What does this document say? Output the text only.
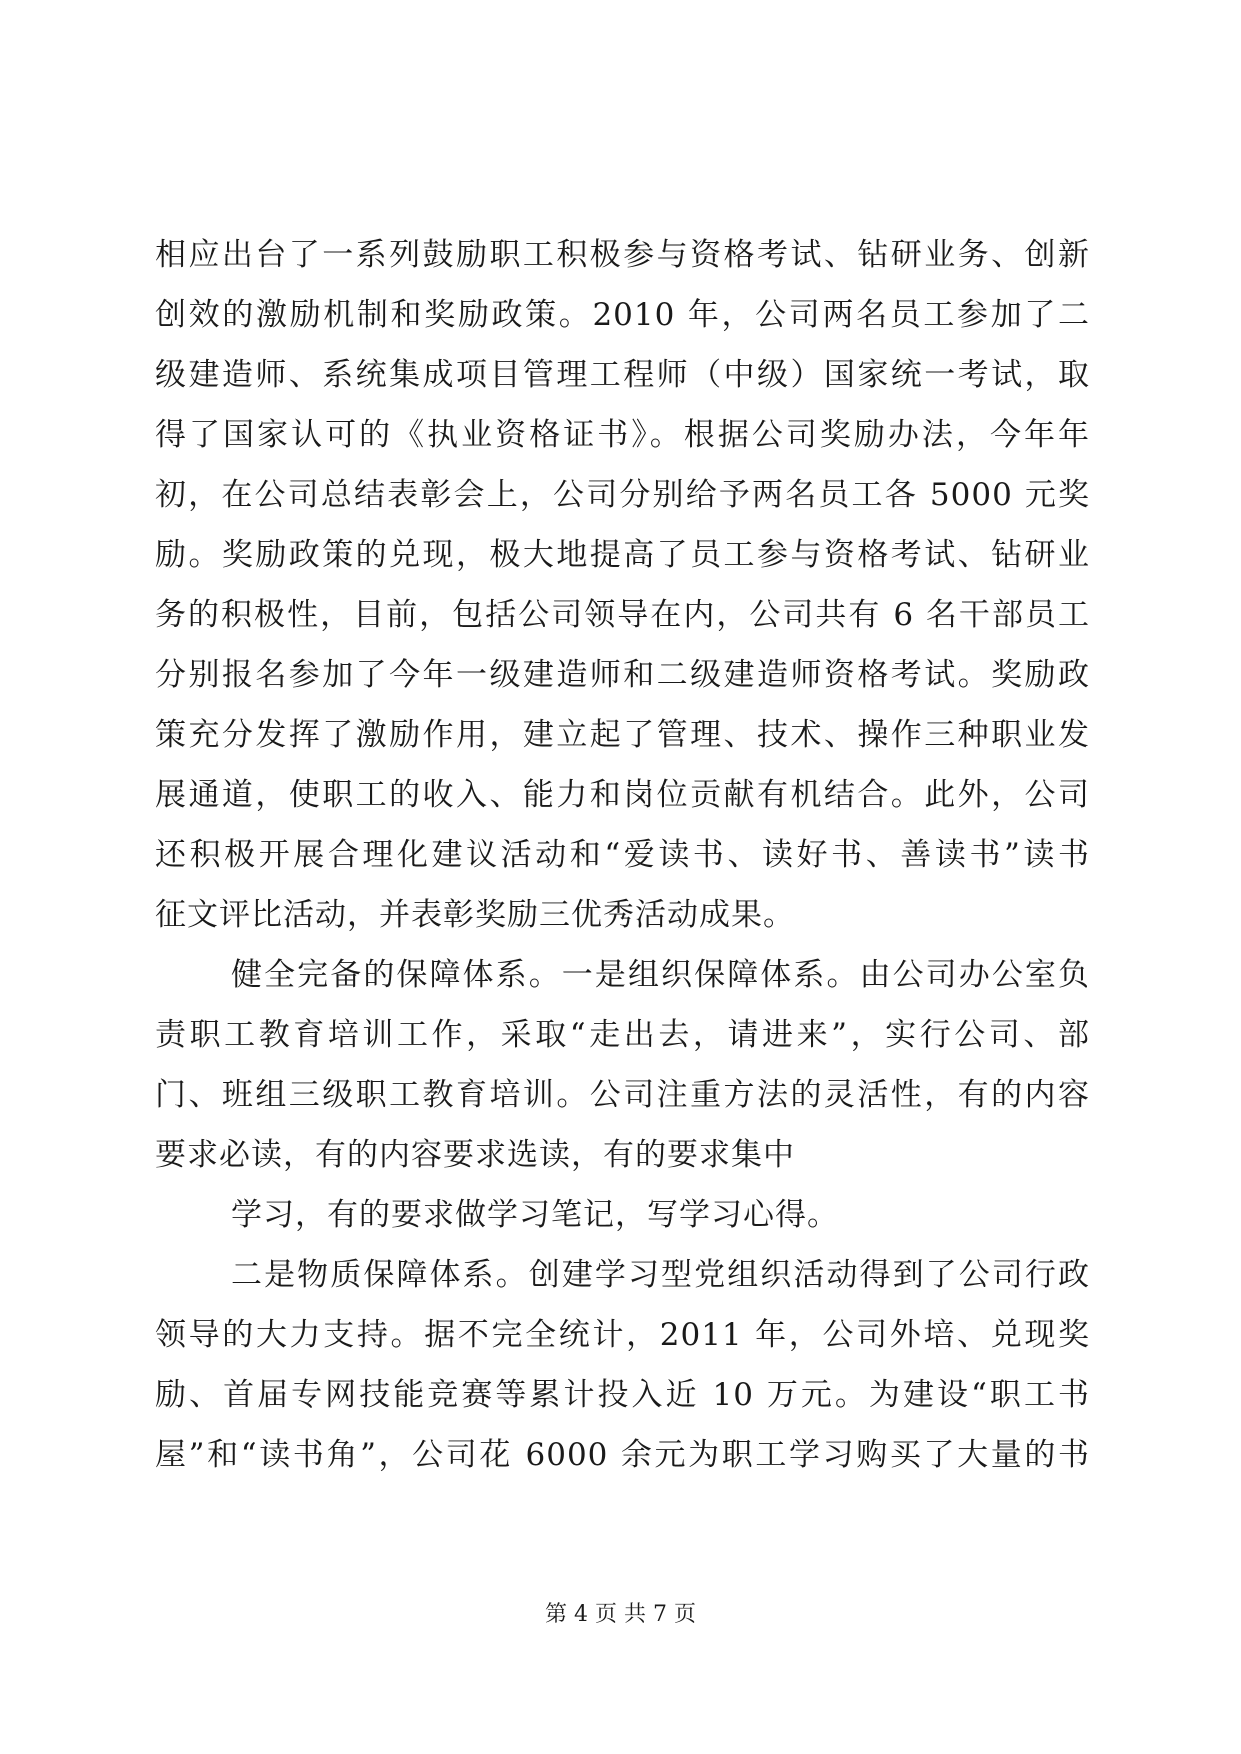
相应出台了一系列鼓励职工积极参与资格考试、钻研业务、创新
创效的激励机制和奖励政策。2010 年，公司两名员工参加了二
级建造师、系统集成项目管理工程师（中级）国家统一考试，取
得了国家认可的《执业资格证书》。根据公司奖励办法，今年年
初，在公司总结表彰会上，公司分别给予两名员工各 5000 元奖
励。奖励政策的兑现，极大地提高了员工参与资格考试、钻研业
务的积极性，目前，包括公司领导在内，公司共有 6 名干部员工
分别报名参加了今年一级建造师和二级建造师资格考试。奖励政
策充分发挥了激励作用，建立起了管理、技术、操作三种职业发
展通道，使职工的收入、能力和岗位贡献有机结合。此外，公司
还积极开展合理化建议活动和“爱读书、读好书、善读书”读书
征文评比活动，并表彰奖励三优秀活动成果。
健全完备的保障体系。一是组织保障体系。由公司办公室负
责职工教育培训工作，采取“走出去，请进来”，实行公司、部
门、班组三级职工教育培训。公司注重方法的灵活性，有的内容
要求必读，有的内容要求选读，有的要求集中
学习，有的要求做学习笔记，写学习心得。
二是物质保障体系。创建学习型党组织活动得到了公司行政
领导的大力支持。据不完全统计，2011 年，公司外培、兑现奖
励、首届专网技能竞赛等累计投入近 10 万元。为建设“职工书
屋”和“读书角”，公司花 6000 余元为职工学习购买了大量的书
第 4 页 共 7 页
